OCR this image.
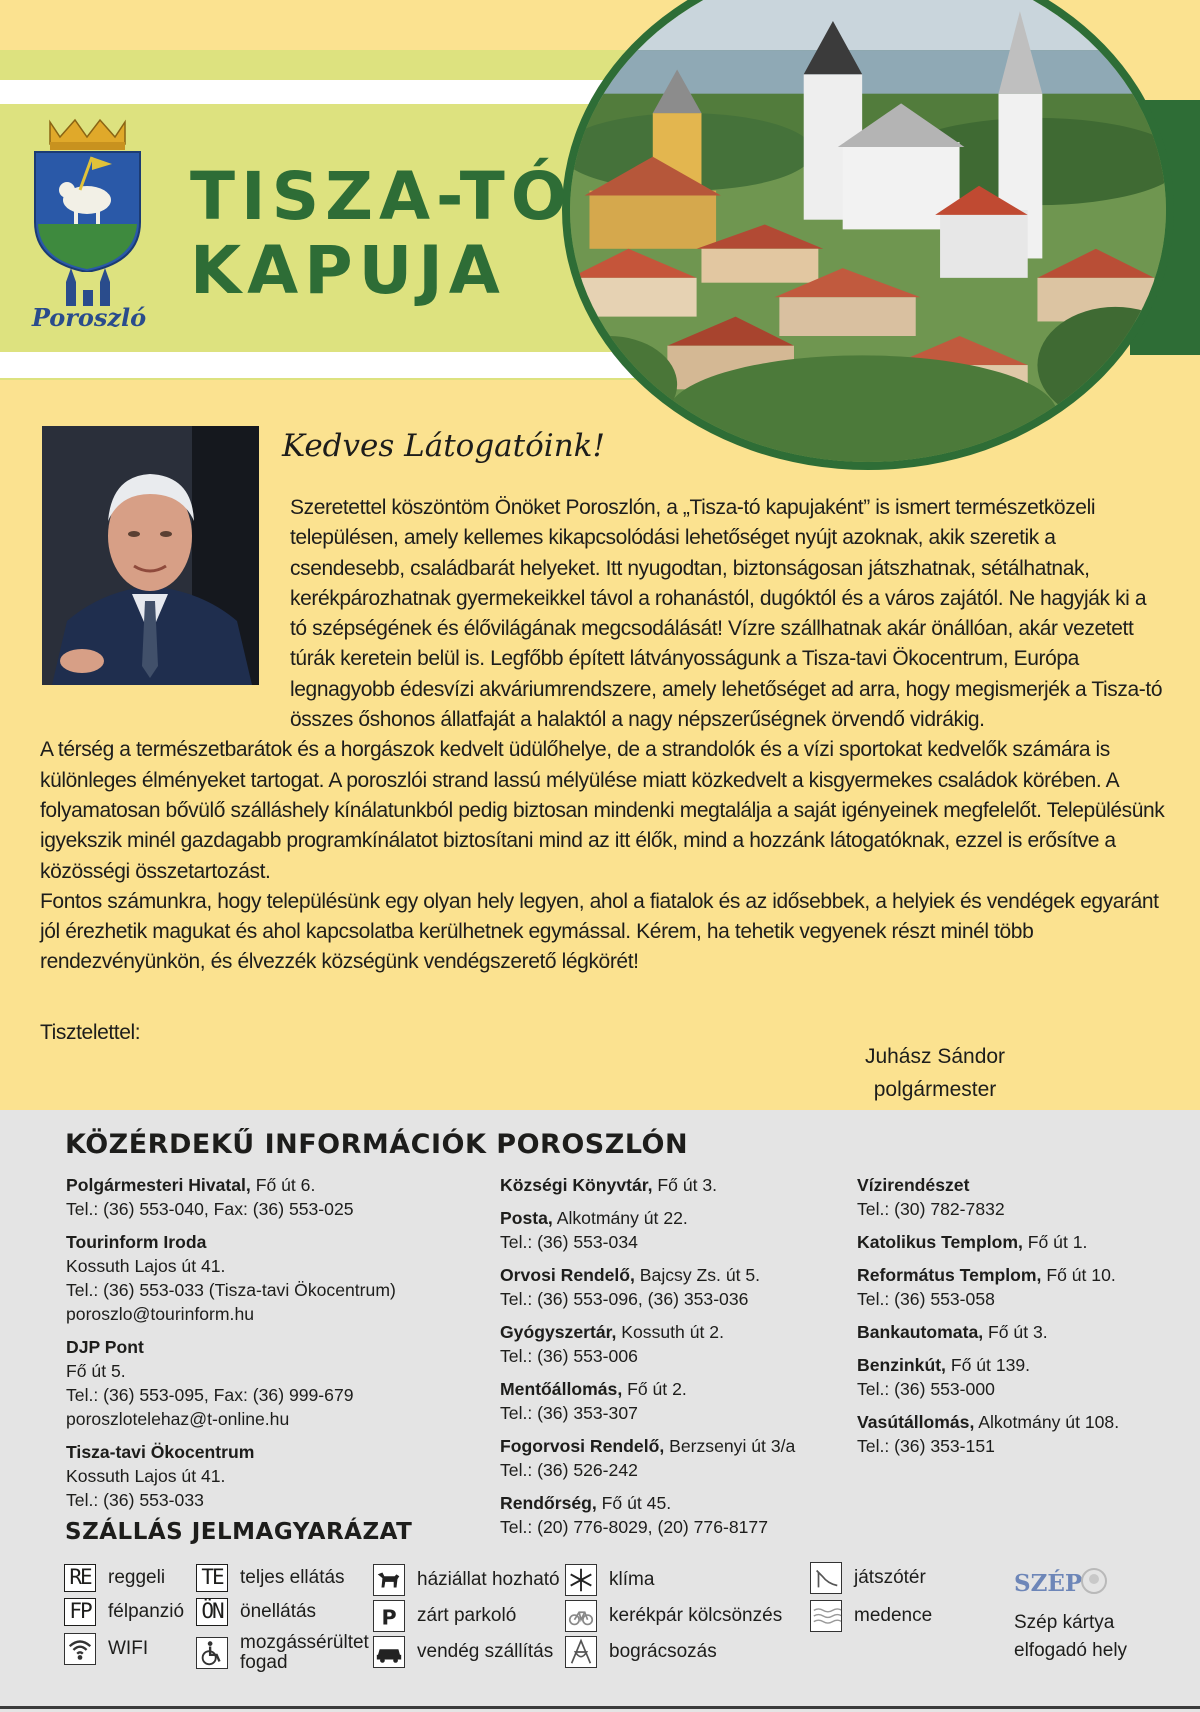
Poroszló
TISZA-TÓ
KAPUJA
Kedves Látogatóink!

Szeretettel köszöntöm Önöket Poroszlón, a „Tisza-tó kapujaként” is ismert természetközeli településen, amely kellemes kikapcsolódási lehetőséget nyújt azoknak, akik szeretik a csendesebb, családbarát helyeket. Itt nyugodtan, biztonságosan játszhatnak, sétálhatnak, kerékpározhatnak gyermekeikkel távol a rohanástól, dugóktól és a város zajától. Ne hagyják ki a tó szépségének és élővilágának megcsodálását! Vízre szállhatnak akár önállóan, akár vezetett túrák keretein belül is. Legfőbb épített látványosságunk a Tisza-tavi Ökocentrum, Európa legnagyobb édesvízi akváriumrendszere, amely lehetőséget ad arra, hogy megismerjék a Tisza-tó összes őshonos állatfaját a halaktól a nagy népszerűségnek örvendő vidrákig.

A térség a természetbarátok és a horgászok kedvelt üdülőhelye, de a strandolók és a vízi sportokat kedvelők számára is különleges élményeket tartogat. A poroszlói strand lassú mélyülése miatt közkedvelt a kisgyermekes családok körében. A folyamatosan bővülő szálláshely kínálatunkból pedig biztosan mindenki megtalálja a saját igényeinek megfelelőt. Településünk igyekszik minél gazdagabb programkínálatot biztosítani mind az itt élők, mind a hozzánk látogatóknak, ezzel is erősítve a közösségi összetartozást.

Fontos számunkra, hogy településünk egy olyan hely legyen, ahol a fiatalok és az idősebbek, a helyiek és vendégek egyaránt jól érezhetik magukat és ahol kapcsolatba kerülhetnek egymással. Kérem, ha tehetik vegyenek részt minél több rendezvényünkön, és élvezzék községünk vendégszerető légkörét!

Tisztelettel:
Juhász Sándor
polgármester
KÖZÉRDEKŰ INFORMÁCIÓK POROSZLÓN
Polgármesteri Hivatal, Fő út 6.
Tel.: (36) 553-040, Fax: (36) 553-025
Tourinform Iroda
Kossuth Lajos út 41.
Tel.: (36) 553-033 (Tisza-tavi Ökocentrum)
poroszlo@tourinform.hu
DJP Pont
Fő út 5.
Tel.: (36) 553-095, Fax: (36) 999-679
poroszlotelehaz@t-online.hu
Tisza-tavi Ökocentrum
Kossuth Lajos út 41.
Tel.: (36) 553-033
Községi Könyvtár, Fő út 3.
Posta, Alkotmány út 22.
Tel.: (36) 553-034
Orvosi Rendelő, Bajcsy Zs. út 5.
Tel.: (36) 553-096, (36) 353-036
Gyógyszertár, Kossuth út 2.
Tel.: (36) 553-006
Mentőállomás, Fő út 2.
Tel.: (36) 353-307
Fogorvosi Rendelő, Berzsenyi út 3/a
Tel.: (36) 526-242
Rendőrség, Fő út 45.
Tel.: (20) 776-8029, (20) 776-8177
Vízirendészet
Tel.: (30) 782-7832
Katolikus Templom, Fő út 1.
Református Templom, Fő út 10.
Tel.: (36) 553-058
Bankautomata, Fő út 3.
Benzinkút, Fő út 139.
Tel.: (36) 553-000
Vasútállomás, Alkotmány út 108.
Tel.: (36) 353-151
SZÁLLÁS JELMAGYARÁZAT
RE reggeli
FP félpanzió
WIFI
TE teljes ellátás
ÖN önellátás
mozgássérültet fogad
háziállat hozható
P zárt parkoló
vendég szállítás
klíma
kerékpár kölcsönzés
bográcsozás
játszótér
medence
SZÉP
Szép kártya
elfogadó hely
